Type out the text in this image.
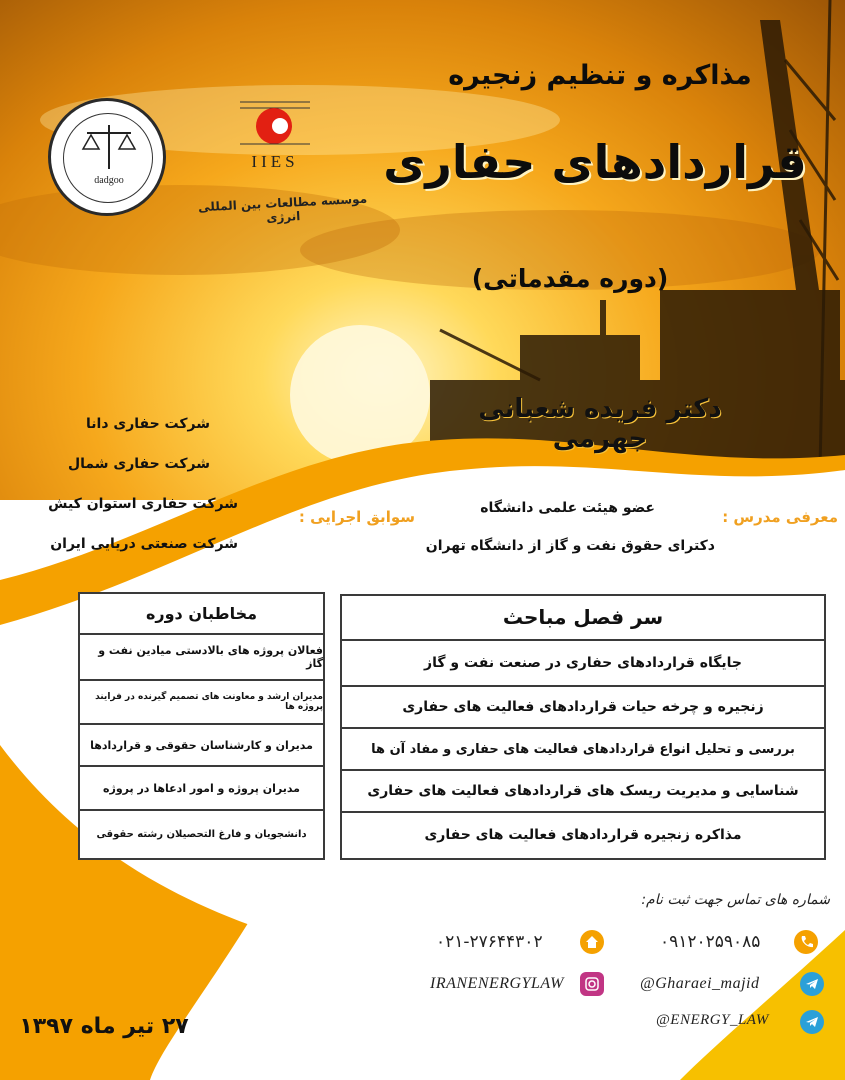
dadgoo
IIES
موسسه مطالعات بین المللی انرژی
مذاکره و تنظیم زنجیره
قراردادهای حفاری
(دوره مقدماتی)
دکتر فریده شعبانی جهرمی
شرکت حفاری دانا
شرکت حفاری شمال
شرکت حفاری استوان کیش
شرکت صنعتی دریایی ایران
سوابق اجرایی :	معرفی مدرس :
عضو هیئت علمی دانشگاه
دکترای حقوق نفت و گاز از دانشگاه تهران
سر فصل مباحث
جایگاه قراردادهای حفاری در صنعت نفت و گاز
زنجیره و چرخه حیات قراردادهای فعالیت های حفاری
بررسی و تحلیل انواع قراردادهای فعالیت های حفاری و مفاد آن ها
شناسایی و مدیریت ریسک های قراردادهای فعالیت های حفاری
مذاکره زنجیره قراردادهای فعالیت های حفاری
مخاطبان دوره
فعالان پروژه های بالادستی میادین نفت و گاز
مدیران ارشد و معاونت های تصمیم گیرنده در فرایند پروژه ها
مدیران و کارشناسان حقوقی و قراردادها
مدیران پروژه و امور ادعاها در پروژه
دانشجویان و فارغ التحصیلان رشته حقوقی
شماره های تماس جهت ثبت نام:
۰۹۱۲۰۲۵۹۰۸۵
۰۲۱-۲۷۶۴۴۳۰۲
@Gharaei_majid
IRANENERGYLAW
@ENERGY_LAW
۲۷ تیر ماه ۱۳۹۷
